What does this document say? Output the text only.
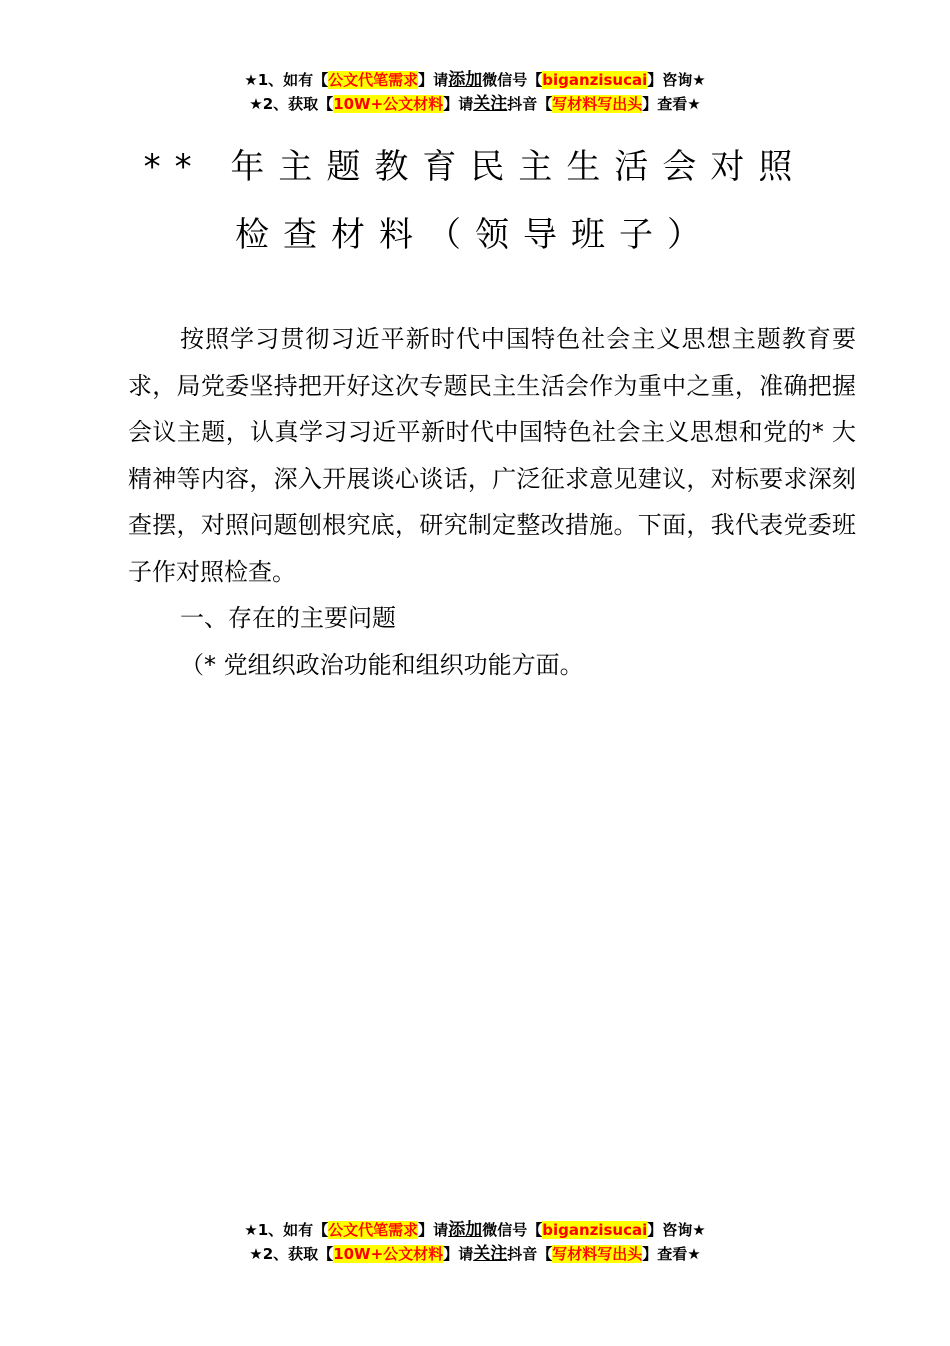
★1、如有【公文代笔需求】请添加微信号【biganzisucai】咨询★
★2、获取【10W+公文材料】请关注抖音【写材料写出头】查看★
** 年主题教育民主生活会对照
检查材料（领导班子）

按照学习贯彻习近平新时代中国特色社会主义思想主题教育要求，局党委坚持把开好这次专题民主生活会作为重中之重，准确把握会议主题，认真学习习近平新时代中国特色社会主义思想和党的* 大精神等内容，深入开展谈心谈话，广泛征求意见建议，对标要求深刻查摆，对照问题刨根究底，研究制定整改措施。下面，我代表党委班子作对照检查。

一、存在的主要问题

（* 党组织政治功能和组织功能方面。

★1、如有【公文代笔需求】请添加微信号【biganzisucai】咨询★
★2、获取【10W+公文材料】请关注抖音【写材料写出头】查看★
